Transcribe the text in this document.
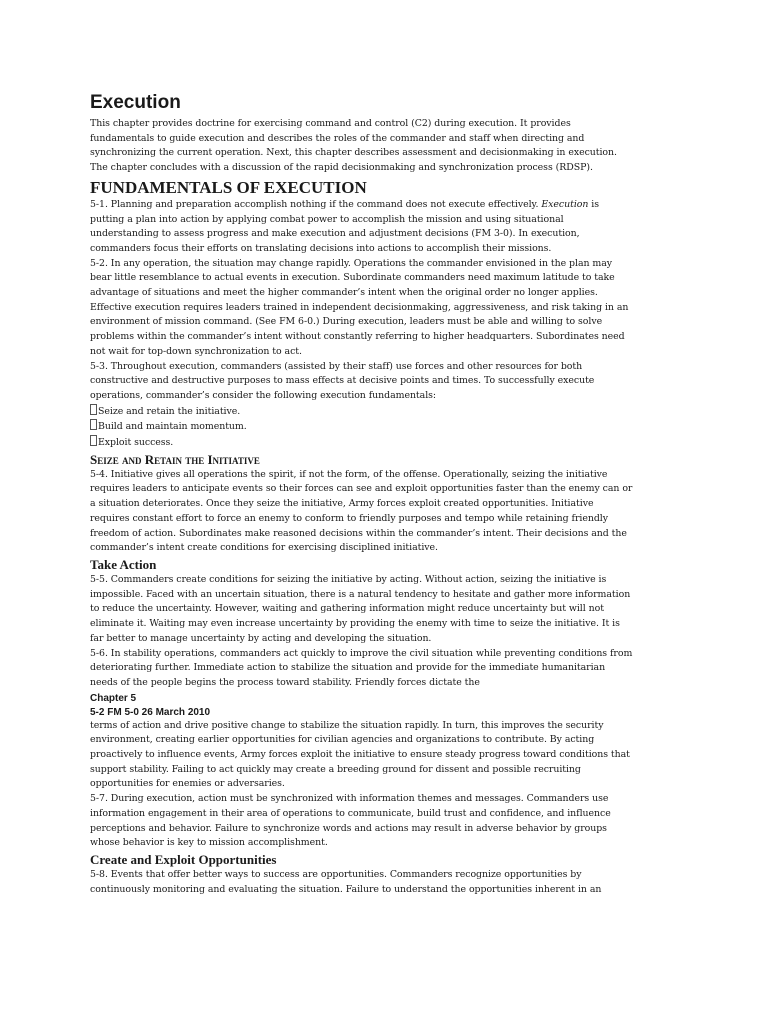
Execution

This chapter provides doctrine for exercising command and control (C2) during execution. It provides fundamentals to guide execution and describes the roles of the commander and staff when directing and synchronizing the current operation. Next, this chapter describes assessment and decisionmaking in execution. The chapter concludes with a discussion of the rapid decisionmaking and synchronization process (RDSP).

FUNDAMENTALS OF EXECUTION

5-1. Planning and preparation accomplish nothing if the command does not execute effectively. Execution is putting a plan into action by applying combat power to accomplish the mission and using situational understanding to assess progress and make execution and adjustment decisions (FM 3-0). In execution, commanders focus their efforts on translating decisions into actions to accomplish their missions.

5-2. In any operation, the situation may change rapidly. Operations the commander envisioned in the plan may bear little resemblance to actual events in execution. Subordinate commanders need maximum latitude to take advantage of situations and meet the higher commander’s intent when the original order no longer applies. Effective execution requires leaders trained in independent decisionmaking, aggressiveness, and risk taking in an environment of mission command. (See FM 6-0.) During execution, leaders must be able and willing to solve problems within the commander’s intent without constantly referring to higher headquarters. Subordinates need not wait for top-down synchronization to act.

5-3. Throughout execution, commanders (assisted by their staff) use forces and other resources for both constructive and destructive purposes to mass effects at decisive points and times. To successfully execute operations, commander’s consider the following execution fundamentals:

Seize and retain the initiative.

Build and maintain momentum.

Exploit success.

Seize and Retain the Initiative

5-4. Initiative gives all operations the spirit, if not the form, of the offense. Operationally, seizing the initiative requires leaders to anticipate events so their forces can see and exploit opportunities faster than the enemy can or a situation deteriorates. Once they seize the initiative, Army forces exploit created opportunities. Initiative requires constant effort to force an enemy to conform to friendly purposes and tempo while retaining friendly freedom of action. Subordinates make reasoned decisions within the commander’s intent. Their decisions and the commander’s intent create conditions for exercising disciplined initiative.

Take Action

5-5. Commanders create conditions for seizing the initiative by acting. Without action, seizing the initiative is impossible. Faced with an uncertain situation, there is a natural tendency to hesitate and gather more information to reduce the uncertainty. However, waiting and gathering information might reduce uncertainty but will not eliminate it. Waiting may even increase uncertainty by providing the enemy with time to seize the initiative. It is far better to manage uncertainty by acting and developing the situation.

5-6. In stability operations, commanders act quickly to improve the civil situation while preventing conditions from deteriorating further. Immediate action to stabilize the situation and provide for the immediate humanitarian needs of the people begins the process toward stability. Friendly forces dictate the

Chapter 5
5-2 FM 5-0 26 March 2010

terms of action and drive positive change to stabilize the situation rapidly. In turn, this improves the security environment, creating earlier opportunities for civilian agencies and organizations to contribute. By acting proactively to influence events, Army forces exploit the initiative to ensure steady progress toward conditions that support stability. Failing to act quickly may create a breeding ground for dissent and possible recruiting opportunities for enemies or adversaries.

5-7. During execution, action must be synchronized with information themes and messages. Commanders use information engagement in their area of operations to communicate, build trust and confidence, and influence perceptions and behavior. Failure to synchronize words and actions may result in adverse behavior by groups whose behavior is key to mission accomplishment.

Create and Exploit Opportunities

5-8. Events that offer better ways to success are opportunities. Commanders recognize opportunities by continuously monitoring and evaluating the situation. Failure to understand the opportunities inherent in an
